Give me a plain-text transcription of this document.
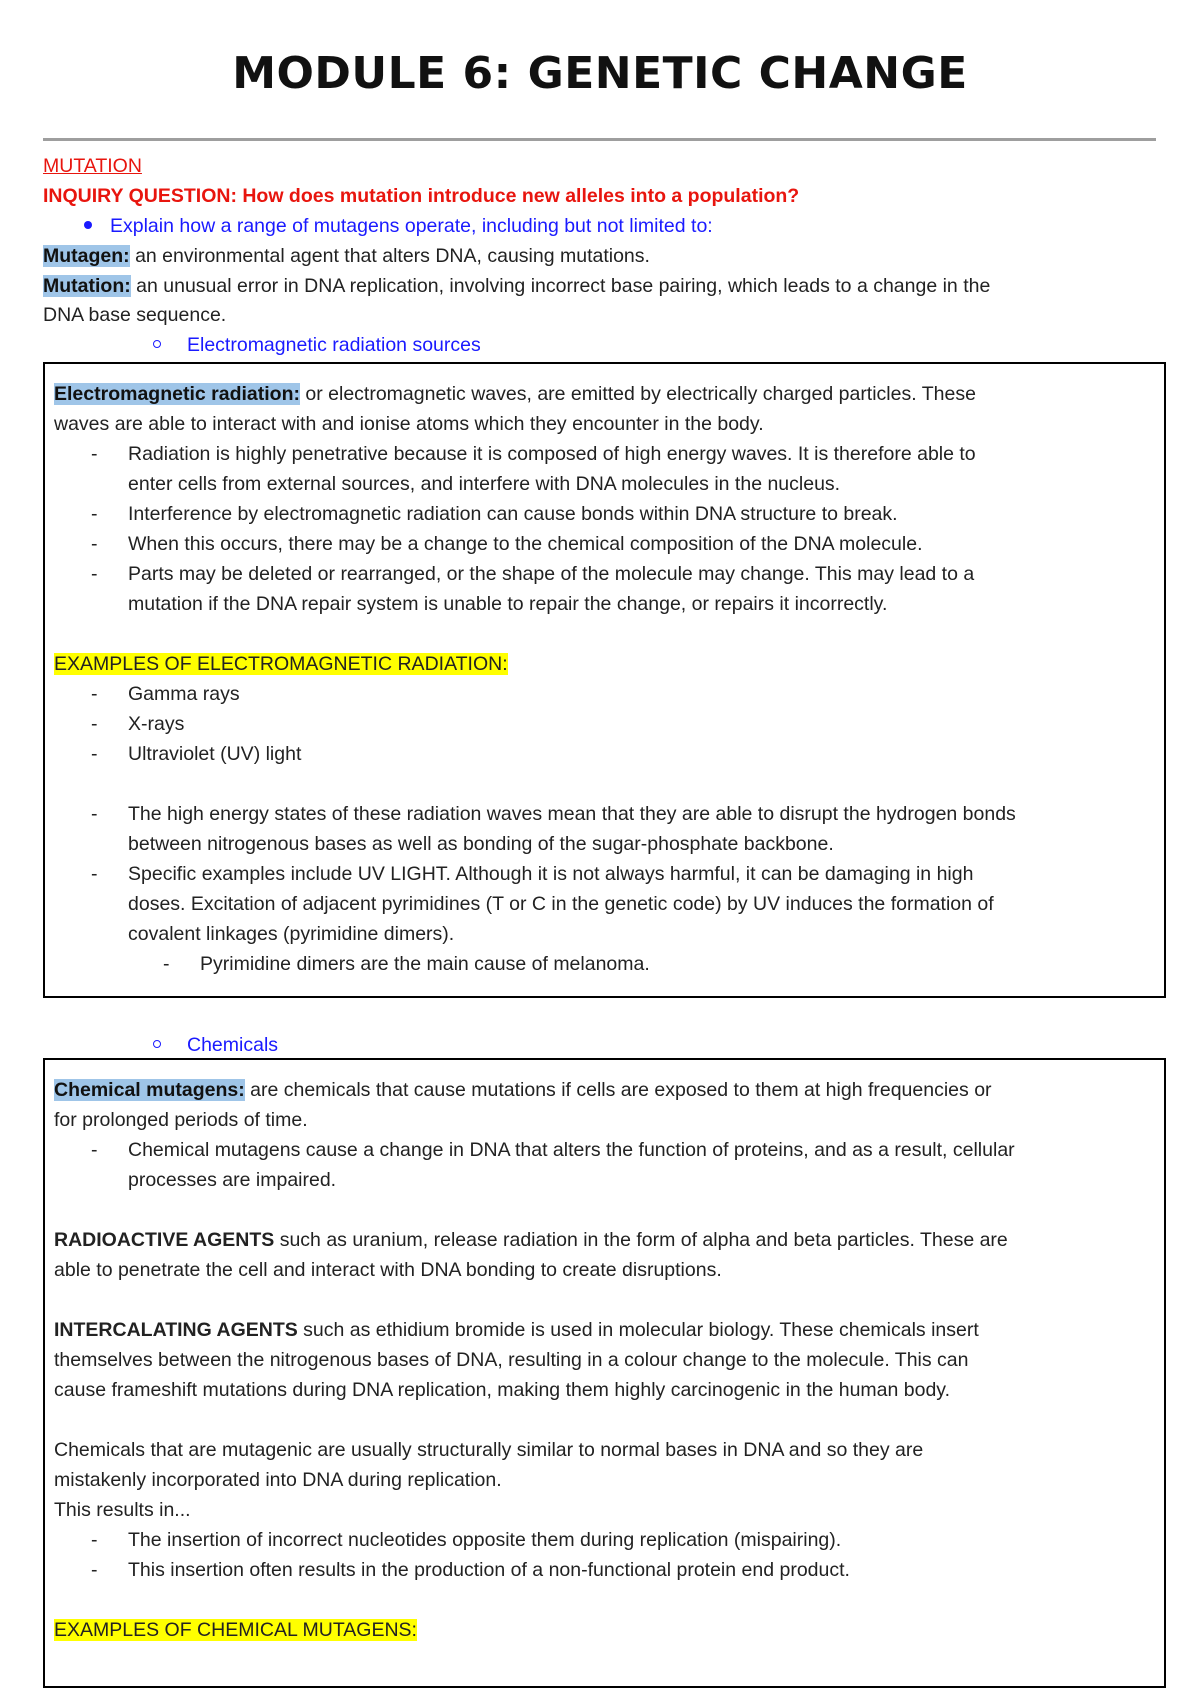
MODULE 6: GENETIC CHANGE
MUTATION
INQUIRY QUESTION: How does mutation introduce new alleles into a population?
Explain how a range of mutagens operate, including but not limited to:
Mutagen: an environmental agent that alters DNA, causing mutations.
Mutation: an unusual error in DNA replication, involving incorrect base pairing, which leads to a change in the
DNA base sequence.
Electromagnetic radiation sources
Electromagnetic radiation: or electromagnetic waves, are emitted by electrically charged particles. These
waves are able to interact with and ionise atoms which they encounter in the body.
- Radiation is highly penetrative because it is composed of high energy waves. It is therefore able to
enter cells from external sources, and interfere with DNA molecules in the nucleus.
- Interference by electromagnetic radiation can cause bonds within DNA structure to break.
- When this occurs, there may be a change to the chemical composition of the DNA molecule.
- Parts may be deleted or rearranged, or the shape of the molecule may change. This may lead to a
mutation if the DNA repair system is unable to repair the change, or repairs it incorrectly.
EXAMPLES OF ELECTROMAGNETIC RADIATION:
- Gamma rays
- X-rays
- Ultraviolet (UV) light
- The high energy states of these radiation waves mean that they are able to disrupt the hydrogen bonds
between nitrogenous bases as well as bonding of the sugar-phosphate backbone.
- Specific examples include UV LIGHT. Although it is not always harmful, it can be damaging in high
doses. Excitation of adjacent pyrimidines (T or C in the genetic code) by UV induces the formation of
covalent linkages (pyrimidine dimers).
- Pyrimidine dimers are the main cause of melanoma.
Chemicals
Chemical mutagens: are chemicals that cause mutations if cells are exposed to them at high frequencies or
for prolonged periods of time.
- Chemical mutagens cause a change in DNA that alters the function of proteins, and as a result, cellular
processes are impaired.
RADIOACTIVE AGENTS such as uranium, release radiation in the form of alpha and beta particles. These are
able to penetrate the cell and interact with DNA bonding to create disruptions.
INTERCALATING AGENTS such as ethidium bromide is used in molecular biology. These chemicals insert
themselves between the nitrogenous bases of DNA, resulting in a colour change to the molecule. This can
cause frameshift mutations during DNA replication, making them highly carcinogenic in the human body.
Chemicals that are mutagenic are usually structurally similar to normal bases in DNA and so they are
mistakenly incorporated into DNA during replication.
This results in...
- The insertion of incorrect nucleotides opposite them during replication (mispairing).
- This insertion often results in the production of a non-functional protein end product.
EXAMPLES OF CHEMICAL MUTAGENS:
